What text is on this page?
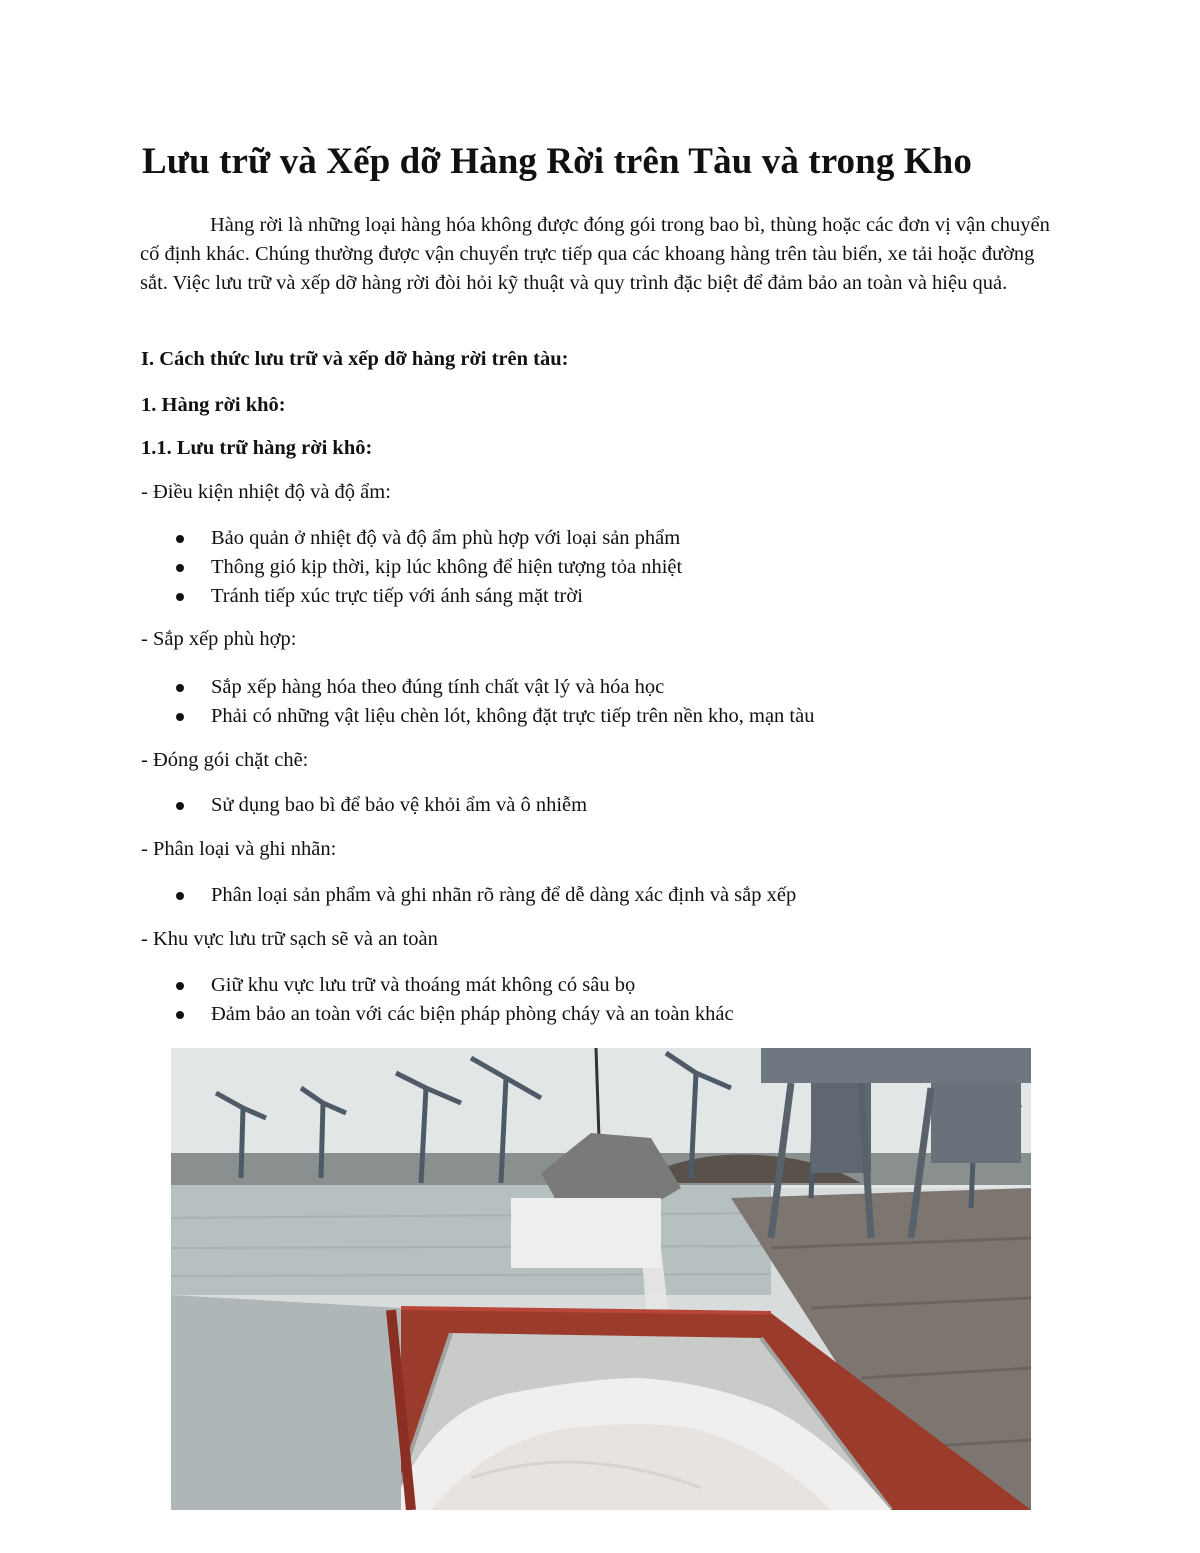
Lưu trữ và Xếp dỡ Hàng Rời trên Tàu và trong Kho

Hàng rời là những loại hàng hóa không được đóng gói trong bao bì, thùng hoặc các đơn vị vận chuyển cố định khác. Chúng thường được vận chuyển trực tiếp qua các khoang hàng trên tàu biển, xe tải hoặc đường sắt. Việc lưu trữ và xếp dỡ hàng rời đòi hỏi kỹ thuật và quy trình đặc biệt để đảm bảo an toàn và hiệu quả.

I. Cách thức lưu trữ và xếp dỡ hàng rời trên tàu:

1. Hàng rời khô:

1.1. Lưu trữ hàng rời khô:

- Điều kiện nhiệt độ và độ ẩm:

Bảo quản ở nhiệt độ và độ ẩm phù hợp với loại sản phẩm
Thông gió kịp thời, kịp lúc không để hiện tượng tỏa nhiệt
Tránh tiếp xúc trực tiếp với ánh sáng mặt trời

- Sắp xếp phù hợp:

Sắp xếp hàng hóa theo đúng tính chất vật lý và hóa học
Phải có những vật liệu chèn lót, không đặt trực tiếp trên nền kho, mạn tàu

- Đóng gói chặt chẽ:

Sử dụng bao bì để bảo vệ khỏi ẩm và ô nhiễm

- Phân loại và ghi nhãn:

Phân loại sản phẩm và ghi nhãn rõ ràng để dễ dàng xác định và sắp xếp

- Khu vực lưu trữ sạch sẽ và an toàn

Giữ khu vực lưu trữ và thoáng mát không có sâu bọ
Đảm bảo an toàn với các biện pháp phòng cháy và an toàn khác
